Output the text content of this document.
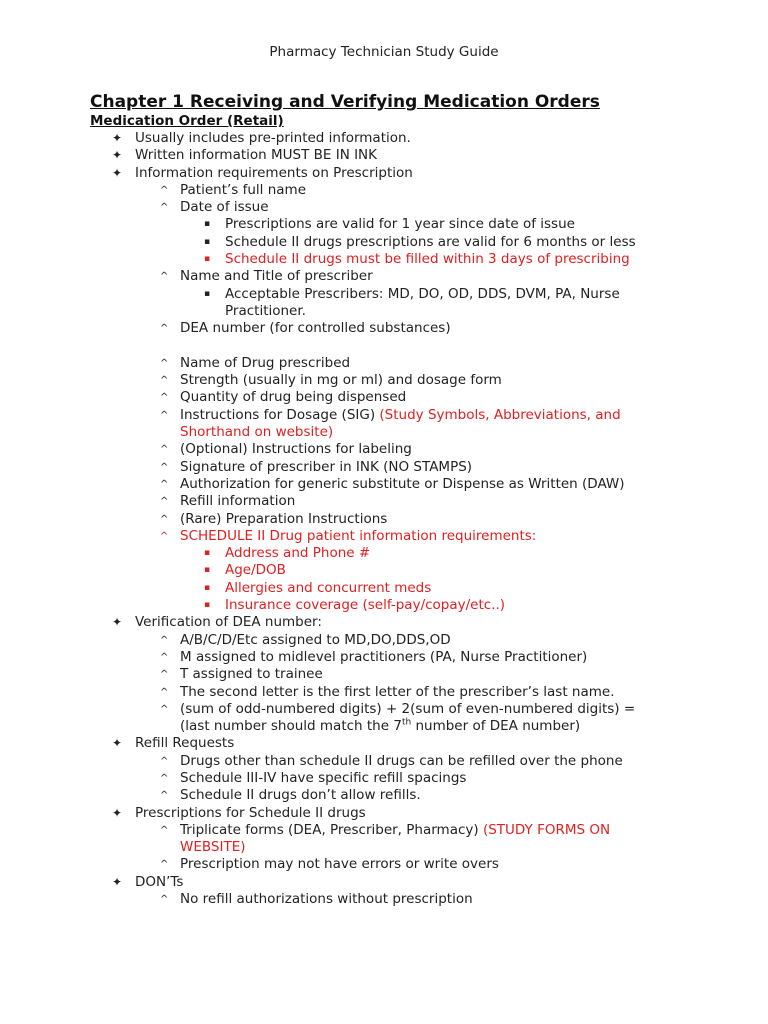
Pharmacy Technician Study Guide
Chapter 1 Receiving and Verifying Medication Orders
Medication Order (Retail)
✦ Usually includes pre-printed information.
✦ Written information MUST BE IN INK
✦ Information requirements on Prescription
^ Patient’s full name
^ Date of issue
▪ Prescriptions are valid for 1 year since date of issue
▪ Schedule II drugs prescriptions are valid for 6 months or less
▪ Schedule II drugs must be filled within 3 days of prescribing
^ Name and Title of prescriber
▪ Acceptable Prescribers: MD, DO, OD, DDS, DVM, PA, Nurse
Practitioner.
^ DEA number (for controlled substances)
^ Name of Drug prescribed
^ Strength (usually in mg or ml) and dosage form
^ Quantity of drug being dispensed
^ Instructions for Dosage (SIG) (Study Symbols, Abbreviations, and
Shorthand on website)
^ (Optional) Instructions for labeling
^ Signature of prescriber in INK (NO STAMPS)
^ Authorization for generic substitute or Dispense as Written (DAW)
^ Refill information
^ (Rare) Preparation Instructions
^ SCHEDULE II Drug patient information requirements:
▪ Address and Phone #
▪ Age/DOB
▪ Allergies and concurrent meds
▪ Insurance coverage (self-pay/copay/etc..)
✦ Verification of DEA number:
^ A/B/C/D/Etc assigned to MD,DO,DDS,OD
^ M assigned to midlevel practitioners (PA, Nurse Practitioner)
^ T assigned to trainee
^ The second letter is the first letter of the prescriber’s last name.
^ (sum of odd-numbered digits) + 2(sum of even-numbered digits) =
(last number should match the 7th number of DEA number)
✦ Refill Requests
^ Drugs other than schedule II drugs can be refilled over the phone
^ Schedule III-IV have specific refill spacings
^ Schedule II drugs don’t allow refills.
✦ Prescriptions for Schedule II drugs
^ Triplicate forms (DEA, Prescriber, Pharmacy) (STUDY FORMS ON
WEBSITE)
^ Prescription may not have errors or write overs
✦ DON’Ts
^ No refill authorizations without prescription
